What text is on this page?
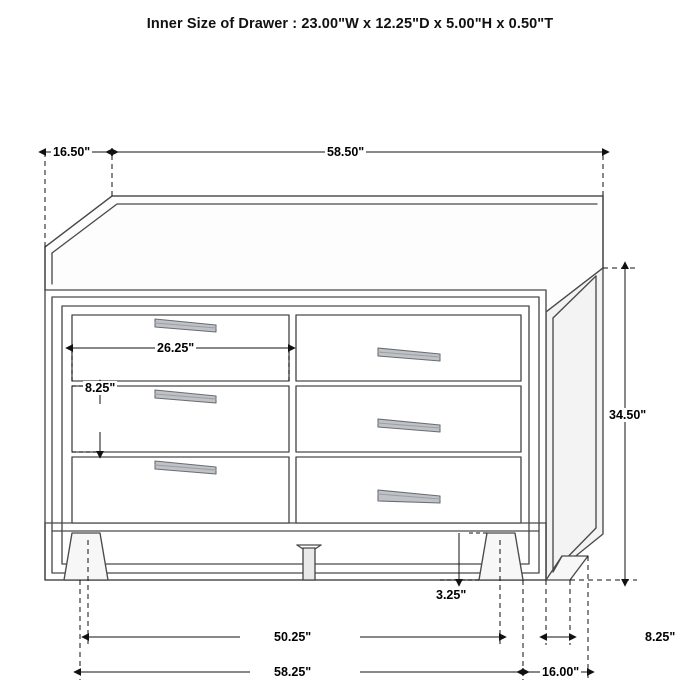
Inner Size of Drawer : 23.00"W x 12.25"D x 5.00"H x 0.50"T
16.50"	58.50"
34.50"
26.25"
8.25"
3.25"
50.25"
58.25"
8.25"
16.00"
